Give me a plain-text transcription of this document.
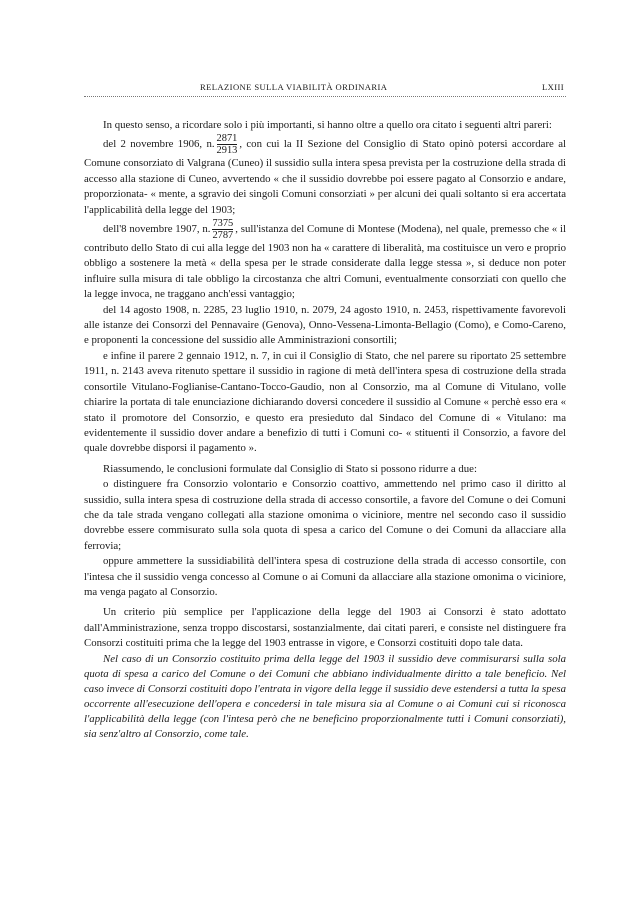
RELAZIONE SULLA VIABILITÀ ORDINARIA	LXIII

In questo senso, a ricordare solo i più importanti, si hanno oltre a quello ora citato i seguenti altri pareri:

del 2 novembre 1906, n. $\frac{2871}{2913}$ , con cui la II Sezione del Consiglio di Stato opinò potersi accordare al Comune consorziato di Valgrana (Cuneo) il sussidio sulla intera spesa prevista per la costruzione della strada di accesso alla stazione di Cuneo, avvertendo « che il sussidio dovrebbe poi essere pagato al Consorzio e andare, proporzionata- « mente, a sgravio dei singoli Comuni consorziati » per alcuni dei quali soltanto si era accertata l'applicabilità della legge del 1903;

dell'8 novembre 1907, n. $\frac{7375}{2787}$ , sull'istanza del Comune di Montese (Modena), nel quale, premesso che « il contributo dello Stato di cui alla legge del 1903 non ha « carattere di liberalità, ma costituisce un vero e proprio obbligo a sostenere la metà « della spesa per le strade considerate dalla legge stessa », si deduce non poter influire sulla misura di tale obbligo la circostanza che altri Comuni, eventualmente consorziati con quello che la legge invoca, ne traggano anch'essi vantaggio;

del 14 agosto 1908, n. 2285, 23 luglio 1910, n. 2079, 24 agosto 1910, n. 2453, rispettivamente favorevoli alle istanze dei Consorzi del Pennavaire (Genova), Onno-Vessena-Limonta-Bellagio (Como), e Como-Careno, e proponenti la concessione del sussidio alle Amministrazioni consortili;

e infine il parere 2 gennaio 1912, n. 7, in cui il Consiglio di Stato, che nel parere su riportato 25 settembre 1911, n. 2143 aveva ritenuto spettare il sussidio in ragione di metà dell'intera spesa di costruzione della strada consortile Vitulano-Foglianise-Cantano-Tocco-Gaudio, non al Consorzio, ma al Comune di Vitulano, volle chiarire la portata di tale enunciazione dichiarando doversi concedere il sussidio al Comune « perchè esso era « stato il promotore del Consorzio, e questo era presieduto dal Sindaco del Comune di « Vitulano: ma evidentemente il sussidio dover andare a benefizio di tutti i Comuni co- « stituenti il Consorzio, a favore del quale dovrebbe disporsi il pagamento ».

Riassumendo, le conclusioni formulate dal Consiglio di Stato si possono ridurre a due:

o distinguere fra Consorzio volontario e Consorzio coattivo, ammettendo nel primo caso il diritto al sussidio, sulla intera spesa di costruzione della strada di accesso consortile, a favore del Comune o dei Comuni che da tale strada vengano collegati alla stazione omonima o viciniore, mentre nel secondo caso il sussidio dovrebbe essere commisurato sulla sola quota di spesa a carico del Comune o dei Comuni da allacciare alla ferrovia;

oppure ammettere la sussidiabilità dell'intera spesa di costruzione della strada di accesso consortile, con l'intesa che il sussidio venga concesso al Comune o ai Comuni da allacciare alla stazione omonima o viciniore, ma venga pagato al Consorzio.

Un criterio più semplice per l'applicazione della legge del 1903 ai Consorzi è stato adottato dall'Amministrazione, senza troppo discostarsi, sostanzialmente, dai citati pareri, e consiste nel distinguere fra Consorzi costituiti prima che la legge del 1903 entrasse in vigore, e Consorzi costituiti dopo tale data.

Nel caso di un Consorzio costituito prima della legge del 1903 il sussidio deve commisurarsi sulla sola quota di spesa a carico del Comune o dei Comuni che abbiano individualmente diritto a tale beneficio. Nel caso invece di Consorzi costituiti dopo l'entrata in vigore della legge il sussidio deve estendersi a tutta la spesa occorrente all'esecuzione dell'opera e concedersi in tale misura sia al Comune o ai Comuni cui si riconosca l'applicabilità della legge (con l'intesa però che ne beneficino proporzionalmente tutti i Comuni consorziati), sia senz'altro al Consorzio, come tale.
